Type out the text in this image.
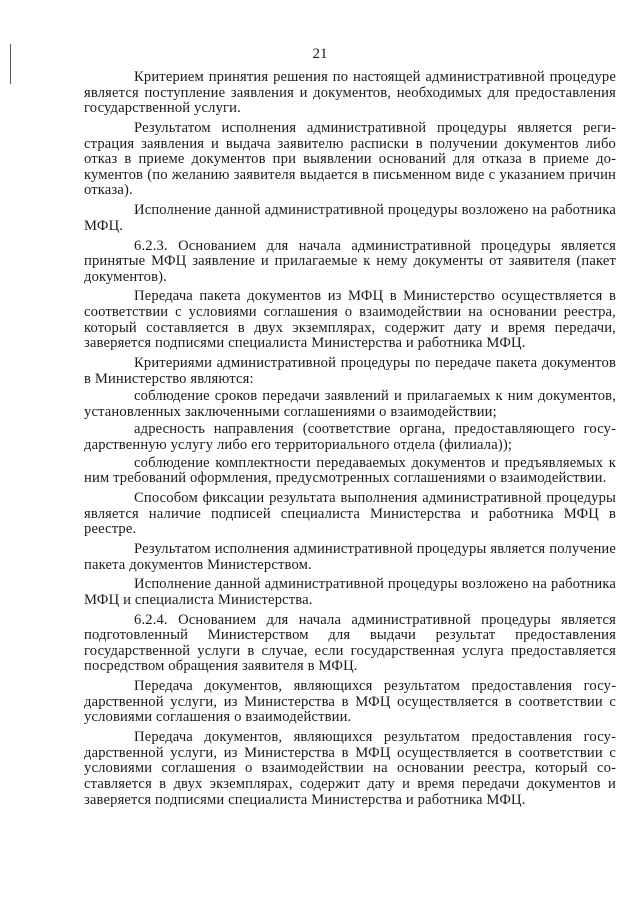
21

Критерием принятия решения по настоящей административной процедуре является поступление заявления и документов, необходимых для предоставления государственной услуги.

Результатом исполнения административной процедуры является регистрация заявления и выдача заявителю расписки в получении документов либо отказ в приеме документов при выявлении оснований для отказа в приеме документов (по желанию заявителя выдается в письменном виде с указанием причин отказа).

Исполнение данной административной процедуры возложено на работника МФЦ.

6.2.3. Основанием для начала административной процедуры является принятые МФЦ заявление и прилагаемые к нему документы от заявителя (пакет документов).

Передача пакета документов из МФЦ в Министерство осуществляется в соответствии с условиями соглашения о взаимодействии на основании реестра, который составляется в двух экземплярах, содержит дату и время передачи, заверяется подписями специалиста Министерства и работника МФЦ.

Критериями административной процедуры по передаче пакета документов в Министерство являются:

соблюдение сроков передачи заявлений и прилагаемых к ним документов, установленных заключенными соглашениями о взаимодействии;

адресность направления (соответствие органа, предоставляющего государственную услугу либо его территориального отдела (филиала));

соблюдение комплектности передаваемых документов и предъявляемых к ним требований оформления, предусмотренных соглашениями о взаимодействии.

Способом фиксации результата выполнения административной процедуры является наличие подписей специалиста Министерства и работника МФЦ в реестре.

Результатом исполнения административной процедуры является получение пакета документов Министерством.

Исполнение данной административной процедуры возложено на работника МФЦ и специалиста Министерства.

6.2.4. Основанием для начала административной процедуры является подготовленный Министерством для выдачи результат предоставления государственной услуги в случае, если государственная услуга предоставляется посредством обращения заявителя в МФЦ.

Передача документов, являющихся результатом предоставления государственной услуги, из Министерства в МФЦ осуществляется в соответствии с условиями соглашения о взаимодействии.

Передача документов, являющихся результатом предоставления государственной услуги, из Министерства в МФЦ осуществляется в соответствии с условиями соглашения о взаимодействии на основании реестра, который составляется в двух экземплярах, содержит дату и время передачи документов и заверяется подписями специалиста Министерства и работника МФЦ.
